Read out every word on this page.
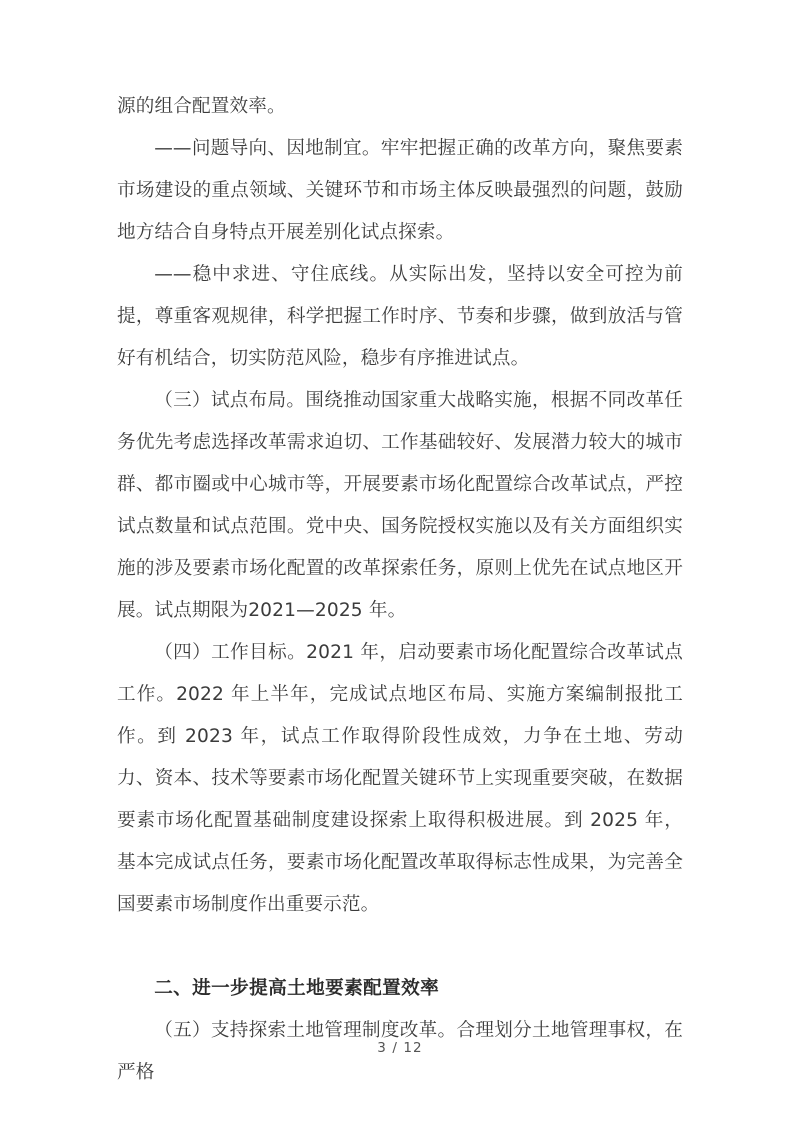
源的组合配置效率。

——问题导向、因地制宜。牢牢把握正确的改革方向，聚焦要素市场建设的重点领域、关键环节和市场主体反映最强烈的问题，鼓励地方结合自身特点开展差别化试点探索。

——稳中求进、守住底线。从实际出发，坚持以安全可控为前提，尊重客观规律，科学把握工作时序、节奏和步骤，做到放活与管好有机结合，切实防范风险，稳步有序推进试点。

（三）试点布局。围绕推动国家重大战略实施，根据不同改革任务优先考虑选择改革需求迫切、工作基础较好、发展潜力较大的城市群、都市圈或中心城市等，开展要素市场化配置综合改革试点，严控试点数量和试点范围。党中央、国务院授权实施以及有关方面组织实施的涉及要素市场化配置的改革探索任务，原则上优先在试点地区开展。试点期限为2021—2025 年。

（四）工作目标。2021 年，启动要素市场化配置综合改革试点工作。2022 年上半年，完成试点地区布局、实施方案编制报批工作。到 2023 年，试点工作取得阶段性成效，力争在土地、劳动力、资本、技术等要素市场化配置关键环节上实现重要突破，在数据要素市场化配置基础制度建设探索上取得积极进展。到 2025 年，基本完成试点任务，要素市场化配置改革取得标志性成果，为完善全国要素市场制度作出重要示范。

二、进一步提高土地要素配置效率

（五）支持探索土地管理制度改革。合理划分土地管理事权，在严格

3 / 12
